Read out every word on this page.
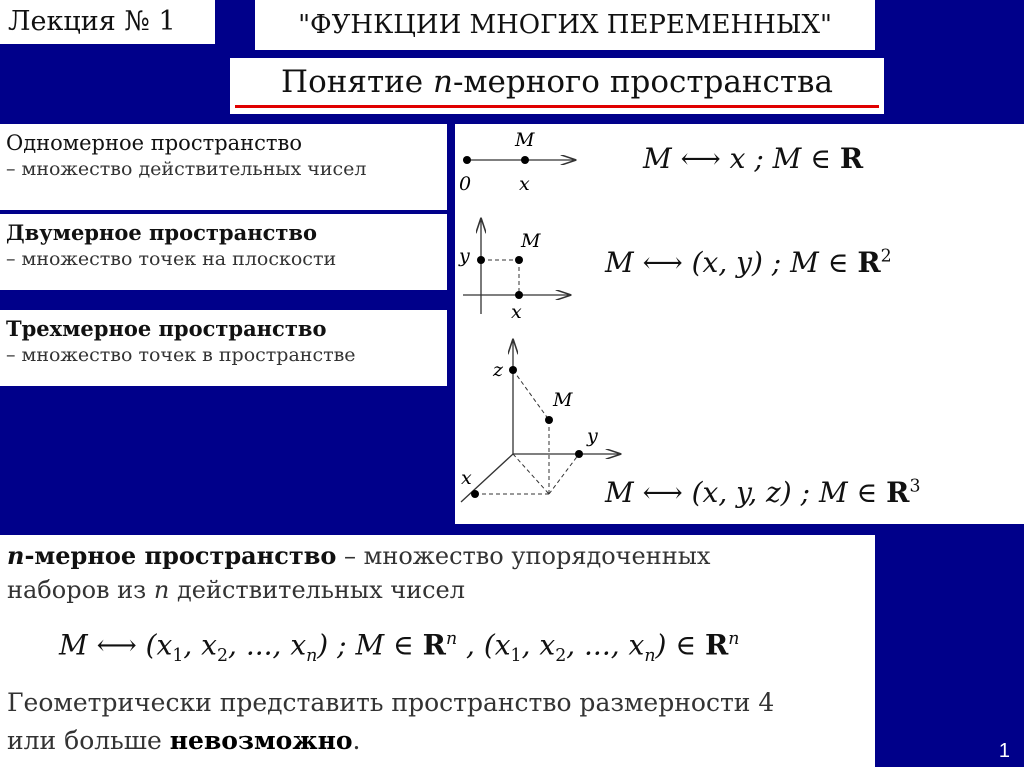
Лекция № 1	"ФУНКЦИИ МНОГИХ ПЕРЕМЕННЫХ"
Понятие n-мерного пространства
Одномерное пространство
– множество действительных чисел
Двумерное пространство
– множество точек на плоскости
Трехмерное пространство
– множество точек в пространстве
M
0	x
M
y
x
M
z
y
x
M ⟷ x ; M ∈ R
M ⟷ (x, y) ; M ∈ $R^2$
M ⟷ (x, y, z) ; M ∈ $R^3$
n-мерное пространство – множество упорядоченных
наборов из n действительных чисел
M ⟷ ($x_1$, $x_2$, ..., $x_n$) ; M ∈ $R^n$ , ($x_1$, $x_2$, ..., $x_n$) ∈ $R^n$
Геометрически представить пространство размерности 4
или больше невозможно.	1
